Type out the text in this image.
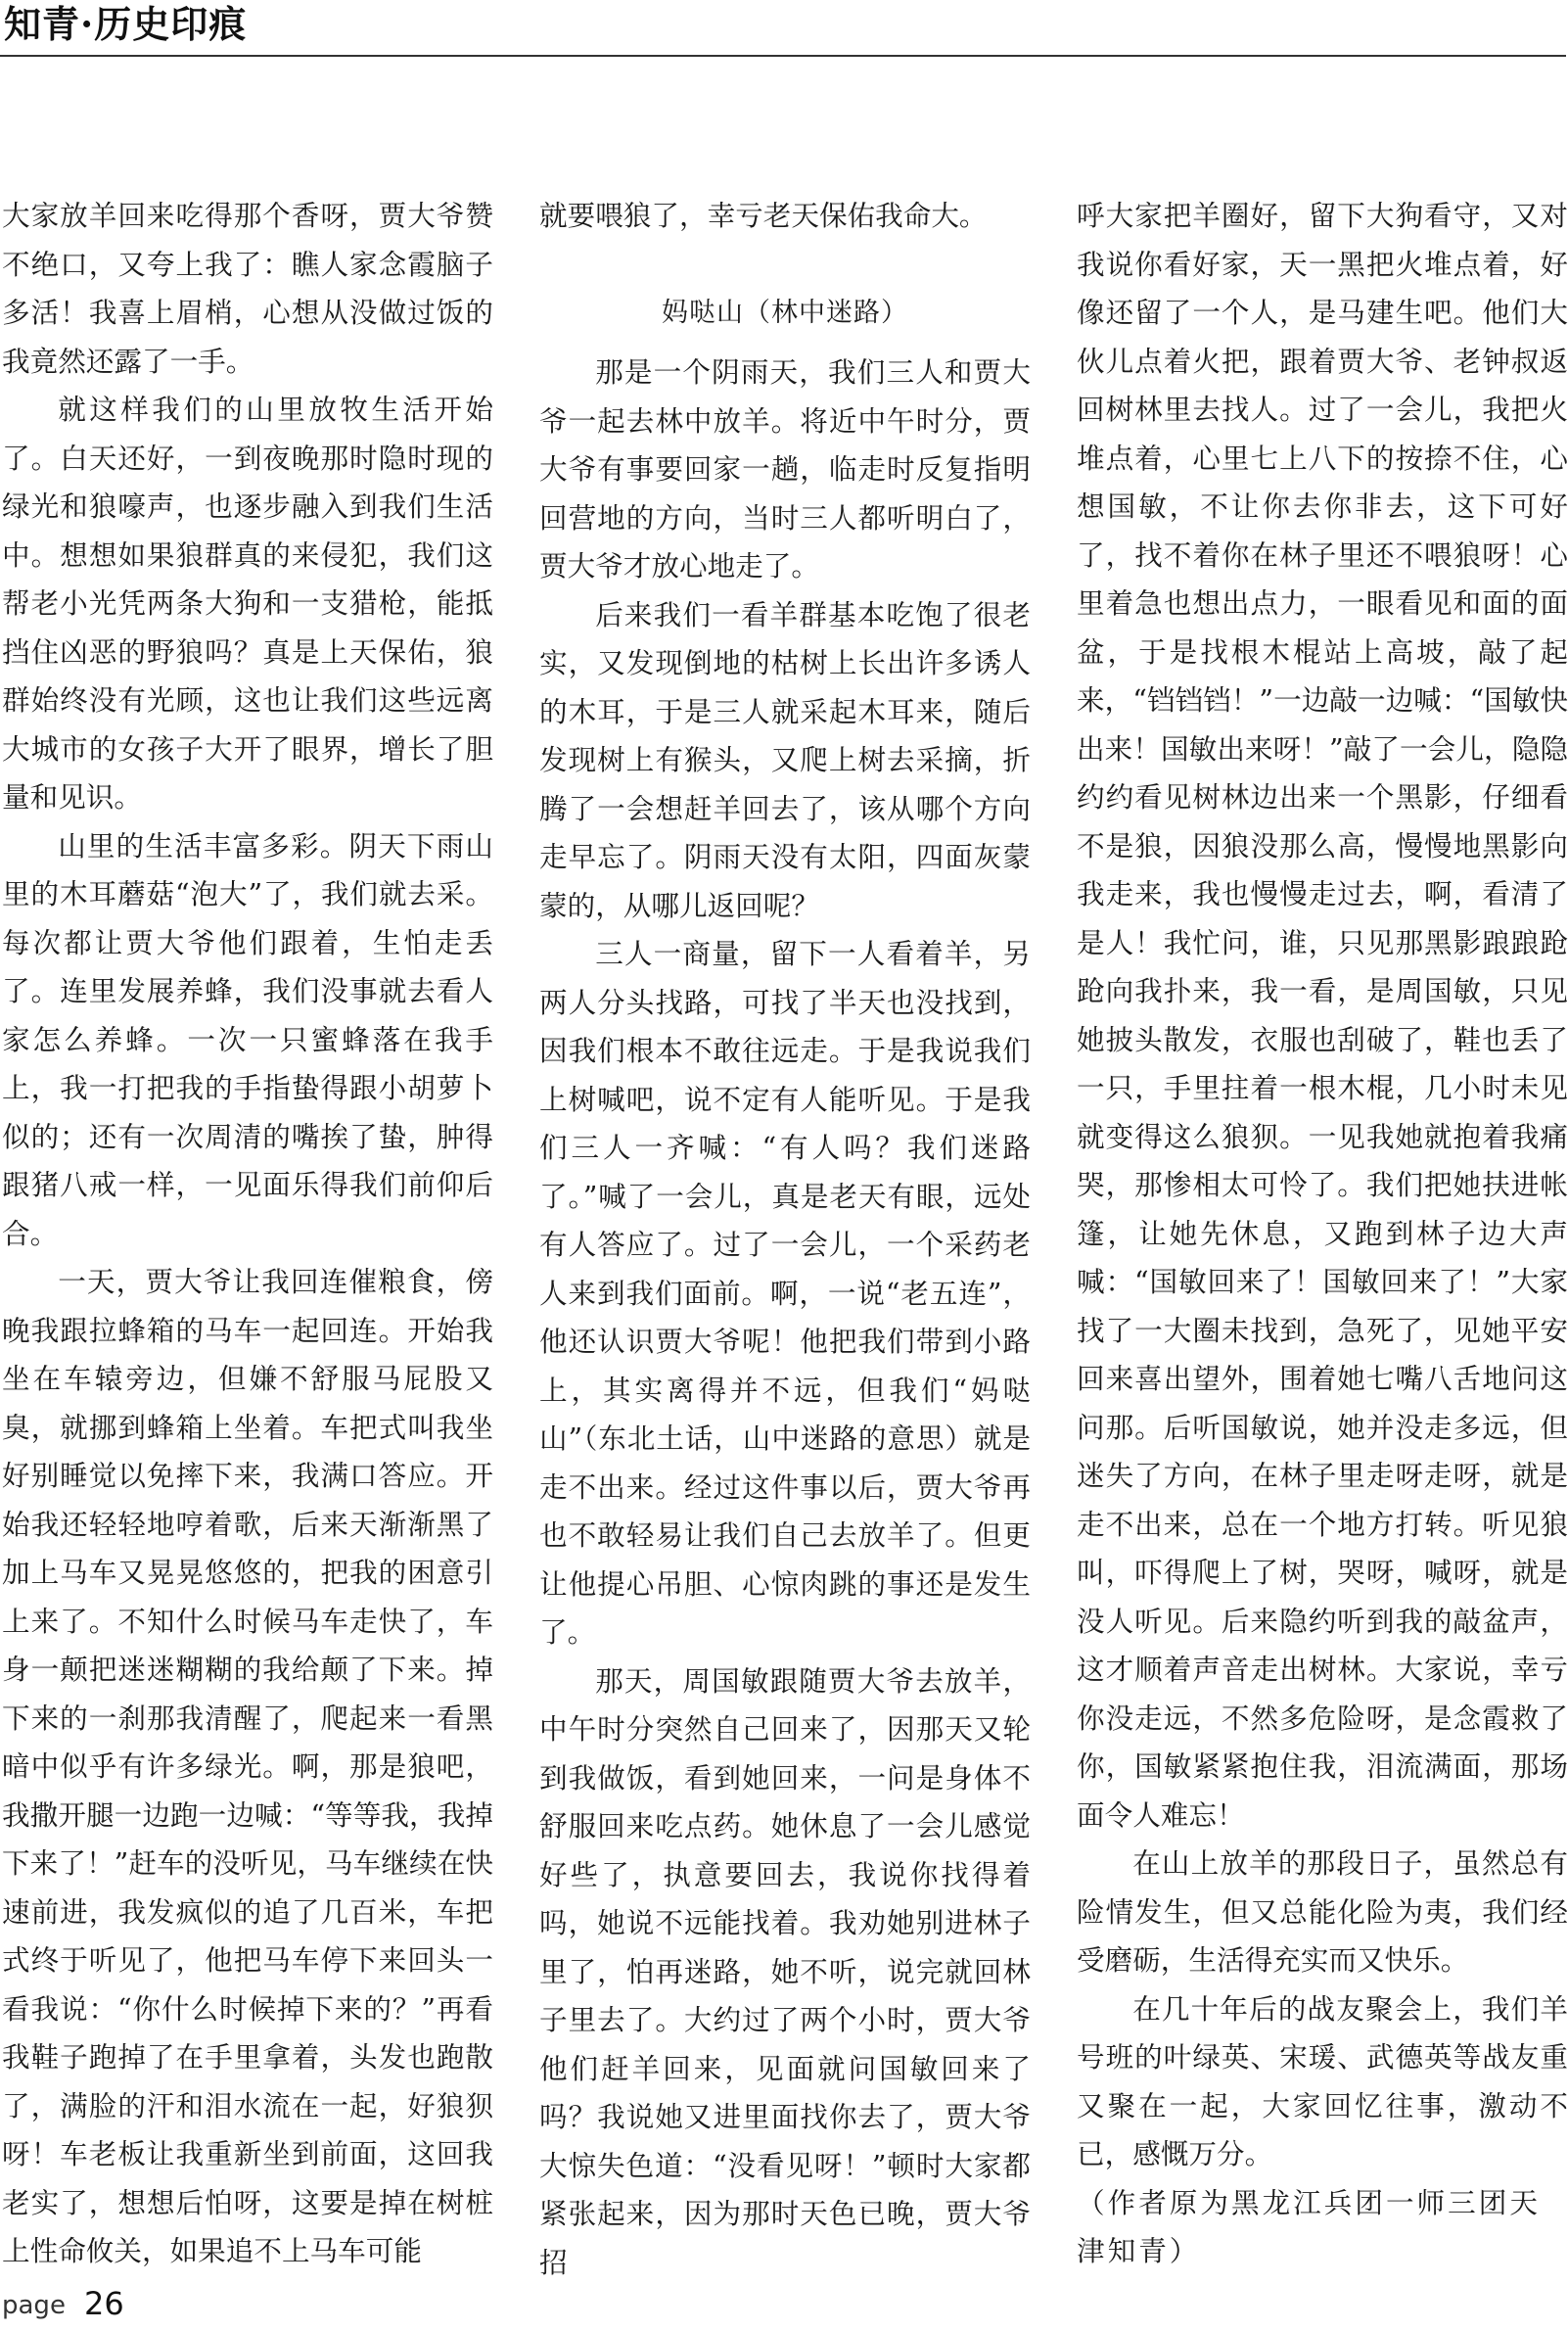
知青·历史印痕

大家放羊回来吃得那个香呀，贾大爷赞不绝口，又夸上我了：瞧人家念霞脑子多活！我喜上眉梢，心想从没做过饭的我竟然还露了一手。

就这样我们的山里放牧生活开始了。白天还好，一到夜晚那时隐时现的绿光和狼嚎声，也逐步融入到我们生活中。想想如果狼群真的来侵犯，我们这帮老小光凭两条大狗和一支猎枪，能抵挡住凶恶的野狼吗？真是上天保佑，狼群始终没有光顾，这也让我们这些远离大城市的女孩子大开了眼界，增长了胆量和见识。

山里的生活丰富多彩。阴天下雨山里的木耳蘑菇“泡大”了，我们就去采。每次都让贾大爷他们跟着，生怕走丢了。连里发展养蜂，我们没事就去看人家怎么养蜂。一次一只蜜蜂落在我手上，我一打把我的手指蛰得跟小胡萝卜似的；还有一次周清的嘴挨了蛰，肿得跟猪八戒一样，一见面乐得我们前仰后合。

一天，贾大爷让我回连催粮食，傍晚我跟拉蜂箱的马车一起回连。开始我坐在车辕旁边，但嫌不舒服马屁股又臭，就挪到蜂箱上坐着。车把式叫我坐好别睡觉以免摔下来，我满口答应。开始我还轻轻地哼着歌，后来天渐渐黑了加上马车又晃晃悠悠的，把我的困意引上来了。不知什么时候马车走快了，车身一颠把迷迷糊糊的我给颠了下来。掉下来的一刹那我清醒了，爬起来一看黑暗中似乎有许多绿光。啊，那是狼吧，我撒开腿一边跑一边喊：“等等我，我掉下来了！”赶车的没听见，马车继续在快速前进，我发疯似的追了几百米，车把式终于听见了，他把马车停下来回头一看我说：“你什么时候掉下来的？”再看我鞋子跑掉了在手里拿着，头发也跑散了，满脸的汗和泪水流在一起，好狼狈呀！车老板让我重新坐到前面，这回我老实了，想想后怕呀，这要是掉在树桩上性命攸关，如果追不上马车可能

就要喂狼了，幸亏老天保佑我命大。

妈哒山（林中迷路）

那是一个阴雨天，我们三人和贾大爷一起去林中放羊。将近中午时分，贾大爷有事要回家一趟，临走时反复指明回营地的方向，当时三人都听明白了，贾大爷才放心地走了。

后来我们一看羊群基本吃饱了很老实，又发现倒地的枯树上长出许多诱人的木耳，于是三人就采起木耳来，随后发现树上有猴头，又爬上树去采摘，折腾了一会想赶羊回去了，该从哪个方向走早忘了。阴雨天没有太阳，四面灰蒙蒙的，从哪儿返回呢？

三人一商量，留下一人看着羊，另两人分头找路，可找了半天也没找到，因我们根本不敢往远走。于是我说我们上树喊吧，说不定有人能听见。于是我们三人一齐喊：“有人吗？我们迷路了。”喊了一会儿，真是老天有眼，远处有人答应了。过了一会儿，一个采药老人来到我们面前。啊，一说“老五连”，他还认识贾大爷呢！他把我们带到小路上，其实离得并不远，但我们“妈哒山”（东北土话，山中迷路的意思）就是走不出来。经过这件事以后，贾大爷再也不敢轻易让我们自己去放羊了。但更让他提心吊胆、心惊肉跳的事还是发生了。

那天，周国敏跟随贾大爷去放羊，中午时分突然自己回来了，因那天又轮到我做饭，看到她回来，一问是身体不舒服回来吃点药。她休息了一会儿感觉好些了，执意要回去，我说你找得着吗，她说不远能找着。我劝她别进林子里了，怕再迷路，她不听，说完就回林子里去了。大约过了两个小时，贾大爷他们赶羊回来，见面就问国敏回来了吗？我说她又进里面找你去了，贾大爷大惊失色道：“没看见呀！”顿时大家都紧张起来，因为那时天色已晚，贾大爷招

呼大家把羊圈好，留下大狗看守，又对我说你看好家，天一黑把火堆点着，好像还留了一个人，是马建生吧。他们大伙儿点着火把，跟着贾大爷、老钟叔返回树林里去找人。过了一会儿，我把火堆点着，心里七上八下的按捺不住，心想国敏，不让你去你非去，这下可好了，找不着你在林子里还不喂狼呀！心里着急也想出点力，一眼看见和面的面盆，于是找根木棍站上高坡，敲了起来，“铛铛铛！”一边敲一边喊：“国敏快出来！国敏出来呀！”敲了一会儿，隐隐约约看见树林边出来一个黑影，仔细看不是狼，因狼没那么高，慢慢地黑影向我走来，我也慢慢走过去，啊，看清了是人！我忙问，谁，只见那黑影踉踉跄跄向我扑来，我一看，是周国敏，只见她披头散发，衣服也刮破了，鞋也丢了一只，手里拄着一根木棍，几小时未见就变得这么狼狈。一见我她就抱着我痛哭，那惨相太可怜了。我们把她扶进帐篷，让她先休息，又跑到林子边大声喊：“国敏回来了！国敏回来了！”大家找了一大圈未找到，急死了，见她平安回来喜出望外，围着她七嘴八舌地问这问那。后听国敏说，她并没走多远，但迷失了方向，在林子里走呀走呀，就是走不出来，总在一个地方打转。听见狼叫，吓得爬上了树，哭呀，喊呀，就是没人听见。后来隐约听到我的敲盆声，这才顺着声音走出树林。大家说，幸亏你没走远，不然多危险呀，是念霞救了你，国敏紧紧抱住我，泪流满面，那场面令人难忘！

在山上放羊的那段日子，虽然总有险情发生，但又总能化险为夷，我们经受磨砺，生活得充实而又快乐。

在几十年后的战友聚会上，我们羊号班的叶绿英、宋瑗、武德英等战友重又聚在一起，大家回忆往事，激动不已，感慨万分。

（作者原为黑龙江兵团一师三团天津知青）

page 26
